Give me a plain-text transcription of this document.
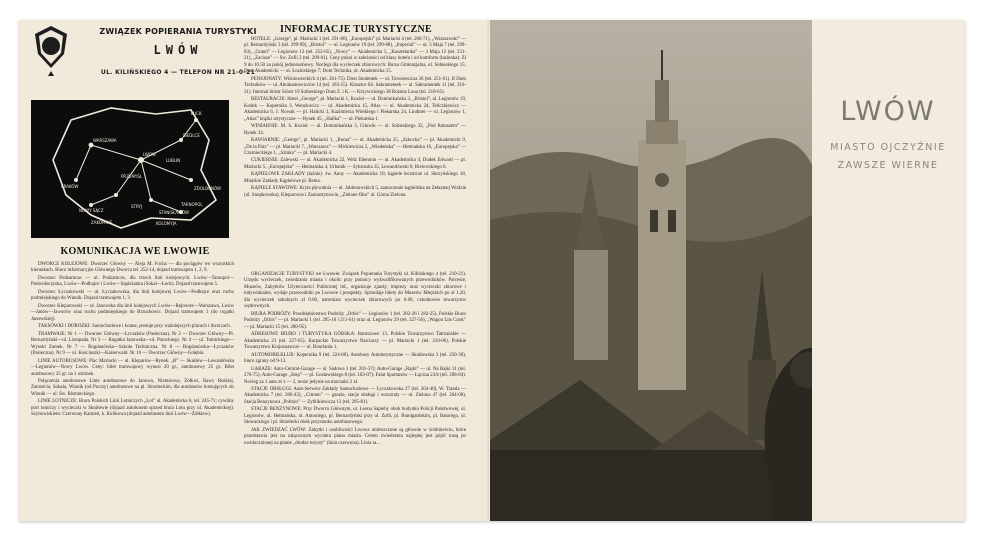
ZWIĄZEK POPIERANIA TURYSTYKI
LWÓW
UL. KILIŃSKIEGO 4 — TELEFON NR 21-0-21
WARSZAWA
SIEDLCE
LUBLIN
KRAKÓW
NOWY SĄCZ
PRZEMYŚL
LWÓW
ZDOLBUNÓW
TARNOPOL
STRYJ
KOLOMYJA
STANISŁAWÓW
ŁUCK
ZAKOPANE
KOMUNIKACJA WE LWOWIE

DWORCE KOLEJOWE: Dworzec Główny — Aleja M. Focha — dla pociągów we wszystkich kierunkach. Biuro informacyjne Głównego Dworca tel. 252-14, dojazd tramwajem 1, 2, 9.

Dworzec Podzamcze — ul. Podzamcze, dla trzech linii kolejowych: Lwów—Tarnopol—Podwołoczyska, Lwów—Podhajce i Lwów—Sapieżanka (Sokal—Łuck). Dojazd tramwajem 5.

Dworzec Łyczakowski — ul. Łyczakowska, dla linii kolejowej Lwów—Podhajce oraz ruchu podmiejskiego do Winnik. Dojazd tramwajem 1, 3.

Dworzec Kleparowski — ul. Janowska dla linii kolejowych Lwów—Rejowiec—Warszawa, Lwów—Janów—Jaworów oraz ruchu podmiejskiego do Brzuchowic. Dojazd tramwajem 3 (do rogatki Janowskiej).

TAKSÓWKI i DOROŻKI: Samochodowe i konne, postoje przy ważniejszych placach i dworcach.

TRAMWAJE: Nr 1 — Dworzec Główny—Łyczaków (Pasieczna). Nr 2 — Dworzec Główny—Pl. Bernardyński—ul. Listopada. Nr 3 — Rogatka Janowska—ul. Potockiego. Nr 4 — ul. Tomickiego—Wysoki Zamek. Nr 7 — Bogdanówka—Szkoła Techniczna. Nr 8 — Bogdanówka—Łyczaków (Pasieczna). Nr 9 — ul. Kościuszki—Kaiserwald. Nr 10 — Dworzec Główny—Gołębia.

LINIE AUTOBUSOWE: Plac Mariacki — ul. Kleparów—Rynek. „B” — Skniłów—Lewandówka—Legionów—Nowy Lwów. Ceny: bilet tramwajowy wynosi 20 gr., autobusowy 25 gr. Bilet autobusowy 25 gr. na 1 odcinek.

Połączenia autobusowe Linie autobusowe do Janowa, Niemirowa, Żółkwi, Rawy Ruskiej, Zamościa, Sokala, Winnik (od Poczty) autobusowe na pl. Strzeleckim, dla autobusów kursujących do Winnik — ul. Św. Bistrzeckiego.

LINIE LOTNICZE: Biuro Polskich Linii Lotniczych „Lot” ul. Akademicka 8, tel. 245-71; cywilny port lotniczy i wycieczki w Skniłowie (dojazd autobusem sprzed biura Lotu przy ul. Akademickiej). Szybowiskiem: Czerwony Kamień, k. Kulikowa (dojazd autobusem linii Lwów—Żółkiew).

INFORMACJE TURYSTYCZNE

HOTELE: „George”, pl. Mariacki 1 (tel. 291-80), „Europejski” pl. Mariacki 4 (tel. 200-71), „Warszawski” — pl. Bernardyński 3 (tel. 299-99), „Bristol” — ul. Legionów 19 (tel. 299-68), „Imperial” — ul. 3 Maja 7 (tel. 299-83), „Grand” — Legionów 13 (tel. 252-65), „Nowy” — Akademicka 5, „Kasztelanka” — 3 Maja 12 (tel. 231-21), „Zacisze” — Sw. Zofii 2 (tel. 209-01). Ceny pokoi w zależności od klasy hotelu i od komfortu (łazienka): Zł 9 do 10.50 za pokój jednoosobowy. Noclegi dla wycieczek zbiorowych: Bursa Gimnazjalna, ul. Sobieskiego 15; Dom Akademicki — ul. Łozińskiego 7; Dom Technika, ul. Akademicka 15.

PENSJONATY: Wiśniowieckich 4 (tel. 261-75). Dom Studentek — ul. Torosiewicza 36 (tel. 251-61). II Dom Techników — ul. Abrahamowiczów 14 (tel. 183-55). Klasztor SS. Sakramentek — ul. Sakramentek 11 (tel. 316-31). Internat Sióstr Sióstr 19 Sobieskiego Dom Z. i K. — Krzywickiego 38 Bozena Lona (tel. 218-65).

RESTAURACJE: Hotel „George”, pl. Mariacki 1, Kozioł — ul. Dominikańska 3, „Bristol”, ul. Legionów 19, Kodek — Kopernika 3, Wenzlowicz — ul. Akademicka 15, Atlas — ul. Akademicka 24, Teliczkiewicz — Akademicka 6, J. Nowak — pl. Halicki 3, Kazimierza Wielkiego i Piekarska 24, Lindtner — ul. Legionów 1, „Atlas” krążki artystyczne — Rynek 45, „Hallka” — ul. Piekarska 1.

WINIARNIE: M. S. Kozioł — ul. Dominikańska 3, Ciłowik — ul. Sobieskiego 32, „Pod Ratuszem” — Rynek 34.

KAWIARNIE: „George”, pl. Mariacki 1, „Roma” — ul. Akademicka 25, „Szkocka” — pl. Akademicki 9, „De la Paix” — pl. Mariacki 7, „Warszawa” — Mickiewicza 2, „Wiedeńska” — Hetmańska 16, „Europejska” — Czarnieckiego 1, „Sztuka” — pl. Mariacki 4.

CUKIERNIE: Zalewski — ul. Akademicka 22, Welz Ebenmin — ul. Akademicka 4, Dudek Edward — pl. Mariacki 5, „Europejska” — Hetmańska 4, Urbanik — Sykstuska 35, Lewandówski 8, Bielowskiego 6.

KĄPIELOWE ZAKŁADY (łaźnie): św. Anny — Akademicka 10; kąpiele lecznicze ul. Skrzyńskiego 18, Miejskie Zakłady Kąpielowe pl. Bema.

KĄPIELE STAWOWE: Kryta pływalnia — ul. Jabłonowskich 5, zamoczenie kąpieliska na Zełazmej Wodzie (ul. Snopkowska), Kleparowie i Zamarstynowie, „Zielone Oko” ul. Górna Zielona.

ORGANIZACJE TURYSTYKI we Lwowie: Związek Popierania Turystyki ul. Kilińskiego 4 (tel. 210-21). Urzędu wycieczek, zwiedzania miasta i okolic przy pomocy wykwalifikowanych przewodników. Parcesie, Muzeów, Zabytków Użyteczności Publicznej itd., organizuje zjazdy, imprezy oraz wycieczki zbiorowe i indywidualne, wydaje przewodniki po Lwowie i prospekty. Sprzedaje bilety do Muzeów Miejskich po zł 1.20, dla wycieczek szkolnych zł 0.60, natomiast wycieczek zbiorowych po 0.60, członkowie towarzystw wędrownych.

BIURA PODRÓŻY: Przedsiębiorstwo Podróży „Orbis” — Legionów 1 (tel. 282-26 i 282-25), Polskie Biuro Podróży „Orbis” — pl. Mariacki 1 (tel. 295-10 i 211-61) oraz ul. Legionów 29 (tel. 227-56), „Wagon Lits Cook” — pl. Mariacki 15 (tel. 280-95).

ADRESOWE BIURO i TURYSTYKA GÓRSKA: Ratuszowe 13, Polskie Towarzystwo Tatrzańskie — Akademicka 23 (tel. 227-65), Karpackie Towarzystwo Narciarzy — pl. Mariacki 1 (tel. 310-06), Polskie Towarzystwo Krajoznawcze — ul. Bourlarda 1.

AUTOMOBILKLUB: Kopernika 9 (tel. 224-00). Autobusy Autoturystyczne — Skniłowska 3 (tel. 250-30), biuro zgrany od 9-13.

GARAŻE: Auto-Central-Garage — ul. Sadowa 3 (tel. 201-37); Auto-Garage „Rajki” — ul. Na Bajki 31 (tel. 276-75); Auto-Garage „Stop” — pl. Gosławskiego 8 (tel. 103-07); Falat Spartanów — Łączna 23/b (tel. 208-04). Nocleg za 1 auto zł 1 — 2, może jedynie na mocnalsi 2 zł.

STACJE OBSŁUGI: Auto-Serwice Zakłady Samochodowe — Łyczakowska 27 (tel. 204-40), W. Tranda — Akademicka 7 (tel. 206-43), „Citroen” — garaże, stacje obsługi i warsztaty — ul. Zielona 47 (tel. 264-08), Stacja Benzynowa „Polmin” — Zyblikiewicza 13 (tel. 295-81).

STACJE BENZYNOWE: Przy Dworcu Głównym, ul. Leona Sapiehy obok budynku Policji Państwowej, ul. Legionów, ul. Hetmańska, ul. Antoniego, pl. Bernardyński przy ul. Zofii, pl. Bundgardskim, pl. Batorego, ul. Słowackiego i pl. Strzelecki obok przystanku autobusowego.

JAK ZWIEDZAĆ LWÓW: Zabytki i osobliwości Lwowa umieszczone są głównie w śródmieściu, które przedstawia jest na załączonym wycinku planu miasta. Celem zwiedzenia najlepiej jest pójść trasą po uwidocznionej na planie „drodze turysty” (linia czerwona). Linia ta...

LWÓW
MIASTO OJCZYŹNIE
ZAWSZE WIERNE
